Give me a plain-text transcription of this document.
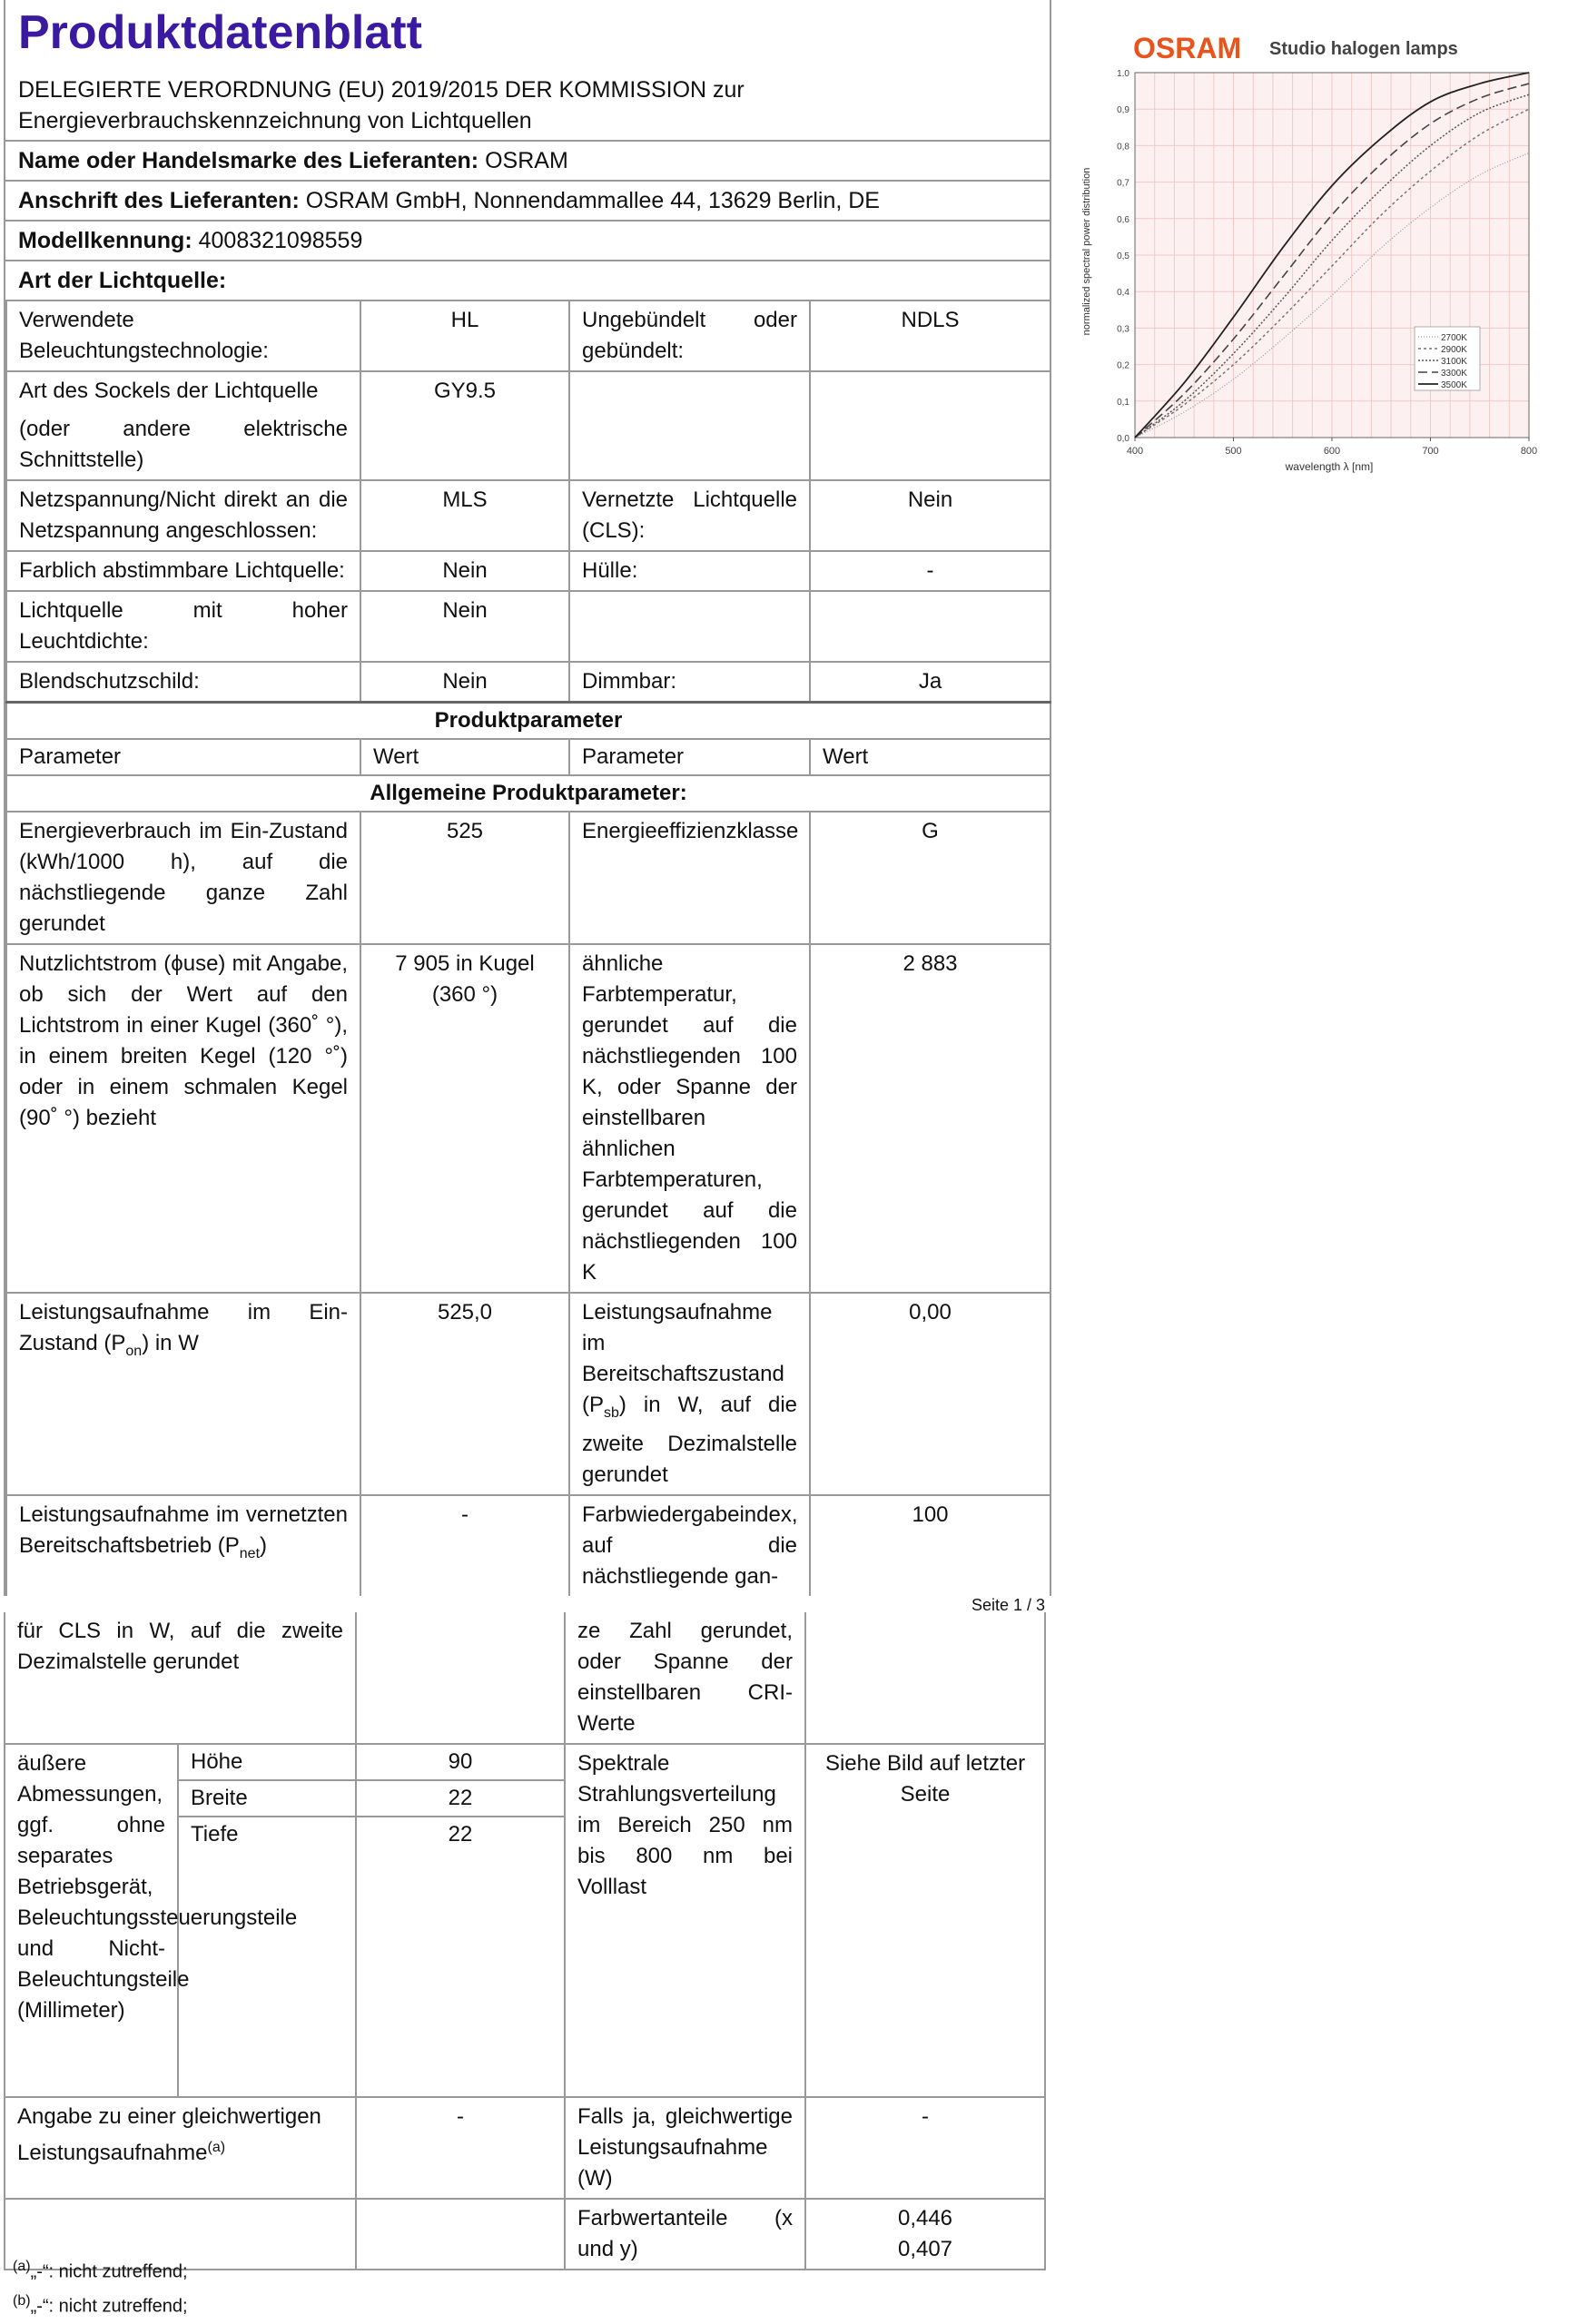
Produktdatenblatt
DELEGIERTE VERORDNUNG (EU) 2019/2015 DER KOMMISSION zur Energieverbrauchskennzeichnung von Lichtquellen
Name oder Handelsmarke des Lieferanten: OSRAM
Anschrift des Lieferanten: OSRAM GmbH, Nonnendammallee 44, 13629 Berlin, DE
Modellkennung: 4008321098559
Art der Lichtquelle:
Verwendete Beleuchtungstechnologie:	HL	Ungebündelt oder gebündelt:	NDLS

Art des Sockels der Lichtquelle
(oder andere elektrische Schnittstelle)	GY9.5		
Netzspannung/Nicht direkt an die Netzspannung angeschlossen:	MLS	Vernetzte Lichtquelle (CLS):	Nein
Farblich abstimmbare Lichtquelle:	Nein	Hülle:	-
Lichtquelle mit hoher Leuchtdichte:	Nein		
Blendschutzschild:	Nein	Dimmbar:	Ja
Produktparameter			
Parameter	Wert	Parameter	Wert
Allgemeine Produktparameter:			
Energieverbrauch im Ein-Zustand (kWh/1000 h), auf die nächstliegende ganze Zahl gerundet	525	Energieeffizienzklasse	G
Nutzlichtstrom (ϕuse) mit Angabe, ob sich der Wert auf den Lichtstrom in einer Kugel (360˚ °), in einem breiten Kegel (120 °˚) oder in einem schmalen Kegel (90˚ °) bezieht	7 905 in Kugel (360 °)	ähnliche Farbtemperatur, gerundet auf die nächstliegenden 100 K, oder Spanne der einstellbaren ähnlichen Farbtemperaturen, gerundet auf die nächstliegenden 100 K	2 883
Leistungsaufnahme im Ein-Zustand $(P_{on})$ in W	525,0	Leistungsaufnahme im Bereitschaftszustand $(P_{sb})$ in W, auf die zweite Dezimalstelle gerundet	0,00
Leistungsaufnahme im vernetzten Bereitschaftsbetrieb $(P_{net})$	-	Farbwiedergabeindex, auf die nächstliegende gan-	100
Seite 1 / 3
für CLS in W, auf die zweite Dezimalstelle gerundet			ze Zahl gerundet, oder Spanne der einstellbaren CRI-Werte	
äußere Abmessungen, ggf. ohne separates Betriebsgerät, Beleuchtungssteuerungsteile und Nicht-Beleuchtungsteile (Millimeter)	Höhe	90	Spektrale Strahlungsverteilung im Bereich 250 nm bis 800 nm bei Volllast	Siehe Bild auf letzter Seite
	Breite	22		
	Tiefe	22		

Angabe zu einer gleichwertigen Leistungsaufnahme$^{(a)}$		-	Falls ja, gleichwertige Leistungsaufnahme (W)	-
			Farbwertanteile (x und y)	0,446
0,407
$^{(a)}$„-“: nicht zutreffend;
$^{(b)}$„-“: nicht zutreffend;
OSRAM Studio halogen lamps
0,0
0,1
0,2
0,3
0,4
0,5
0,6
0,7
0,8
0,9
1.0
400	500	600	700	800
2700K
2900K
3100K
3300K
3500K
wavelength λ [nm]
normalized spectral power distribution
